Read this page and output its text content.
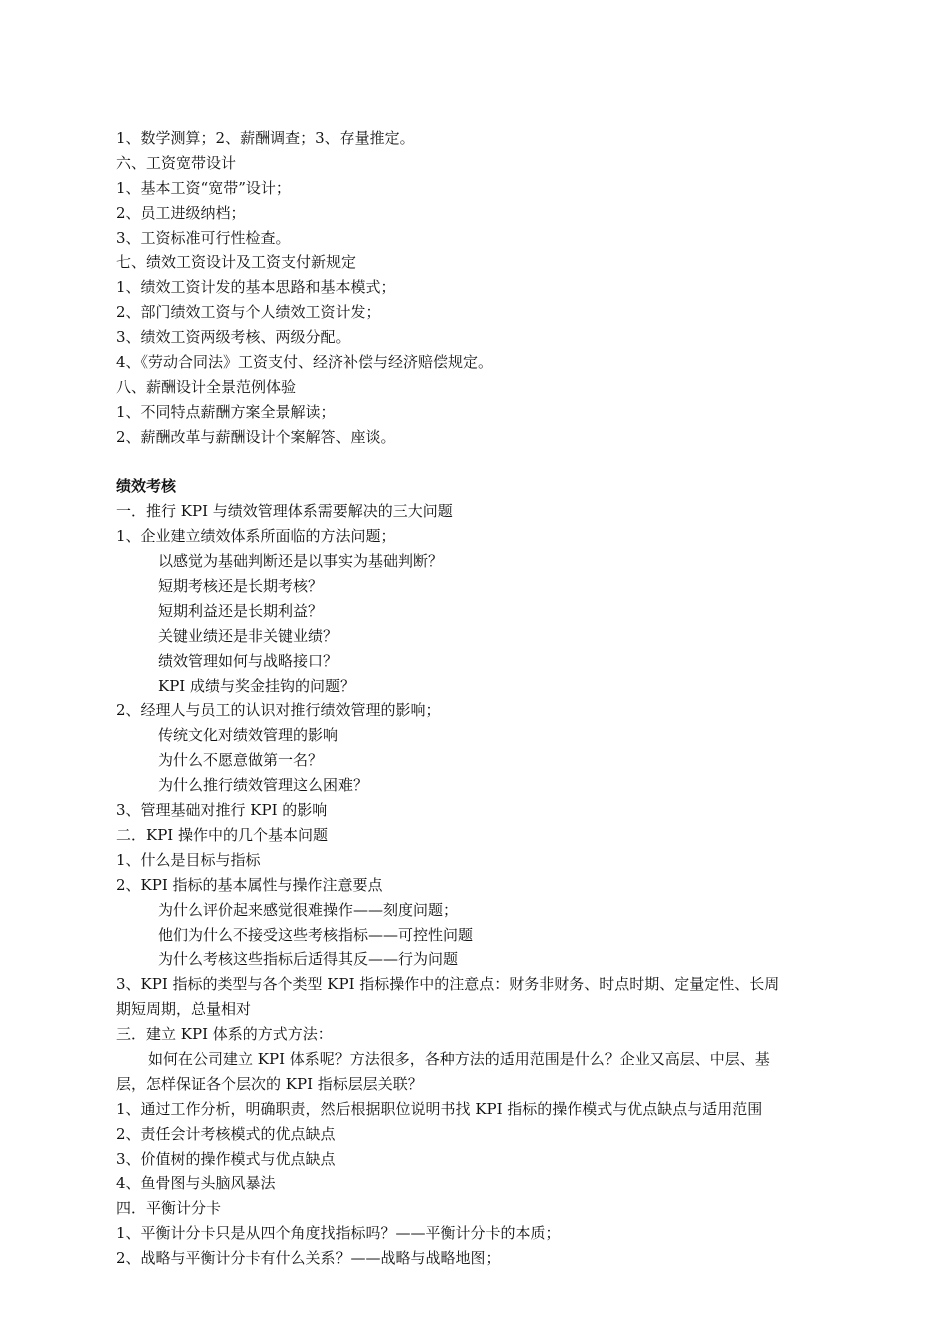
1、数学测算；2、薪酬调查；3、存量推定。
六、工资宽带设计
1、基本工资“宽带”设计；
2、员工进级纳档；
3、工资标准可行性检查。
七、绩效工资设计及工资支付新规定
1、绩效工资计发的基本思路和基本模式；
2、部门绩效工资与个人绩效工资计发；
3、绩效工资两级考核、两级分配。
4、《劳动合同法》工资支付、经济补偿与经济赔偿规定。
八、薪酬设计全景范例体验
1、不同特点薪酬方案全景解读；
2、薪酬改革与薪酬设计个案解答、座谈。
绩效考核
一．推行 KPI 与绩效管理体系需要解决的三大问题
1、企业建立绩效体系所面临的方法问题；
以感觉为基础判断还是以事实为基础判断？
短期考核还是长期考核？
短期利益还是长期利益？
关键业绩还是非关键业绩？
绩效管理如何与战略接口？
KPI 成绩与奖金挂钩的问题？
2、经理人与员工的认识对推行绩效管理的影响；
传统文化对绩效管理的影响
为什么不愿意做第一名？
为什么推行绩效管理这么困难？
3、管理基础对推行 KPI 的影响
二．KPI 操作中的几个基本问题
1、什么是目标与指标
2、KPI 指标的基本属性与操作注意要点
为什么评价起来感觉很难操作——刻度问题；
他们为什么不接受这些考核指标——可控性问题
为什么考核这些指标后适得其反——行为问题
3、KPI 指标的类型与各个类型 KPI 指标操作中的注意点：财务非财务、时点时期、定量定性、长周
期短周期，总量相对
三．建立 KPI 体系的方式方法：
如何在公司建立 KPI 体系呢？方法很多，各种方法的适用范围是什么？企业又高层、中层、基
层，怎样保证各个层次的 KPI 指标层层关联？
1、通过工作分析，明确职责，然后根据职位说明书找 KPI 指标的操作模式与优点缺点与适用范围
2、责任会计考核模式的优点缺点
3、价值树的操作模式与优点缺点
4、鱼骨图与头脑风暴法
四．平衡计分卡
1、平衡计分卡只是从四个角度找指标吗？——平衡计分卡的本质；
2、战略与平衡计分卡有什么关系？——战略与战略地图；
